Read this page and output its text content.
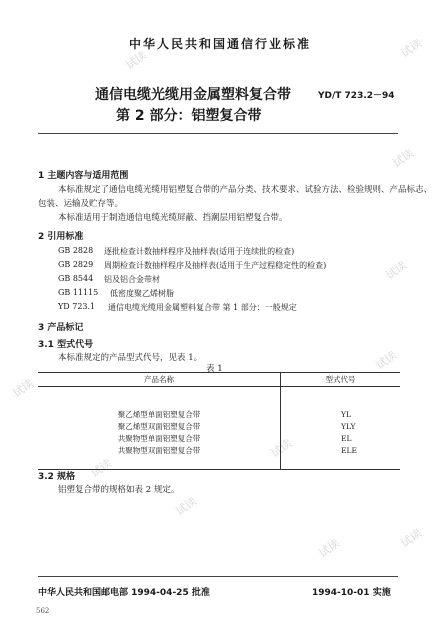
试读
试读
试读
试读
试读
试读
试读
试读
试读
试读	试读
中华人民共和国通信行业标准
通信电缆光缆用金属塑料复合带
第 2 部分：铝塑复合带
YD/T 723.2－94
1 主题内容与适用范围
本标准规定了通信电缆光缆用铝塑复合带的产品分类、技术要求、试验方法、检验规则、产品标志、
包装、运输及贮存等。
本标准适用于制造通信电缆光缆屏蔽、挡潮层用铝塑复合带。
2 引用标准
GB 2828 逐批检查计数抽样程序及抽样表(适用于连续批的检查)
GB 2829 周期检查计数抽样程序及抽样表(适用于生产过程稳定性的检查)
GB 8544 铝及铝合金带材
GB 11115 低密度聚乙烯树脂
YD 723.1 通信电缆光缆用金属塑料复合带 第 1 部分：一般规定
3 产品标记
3.1 型式代号
本标准规定的产品型式代号，见表 1。
表 1
产品名称	型式代号

聚乙烯型单面铝塑复合带	YL
聚乙烯型双面铝塑复合带	YLY
共聚物型单面铝塑复合带	EL
共聚物型双面铝塑复合带	ELE

3.2 规格
铝塑复合带的规格如表 2 规定。
中华人民共和国邮电部 1994-04-25 批准	1994-10-01 实施
562
